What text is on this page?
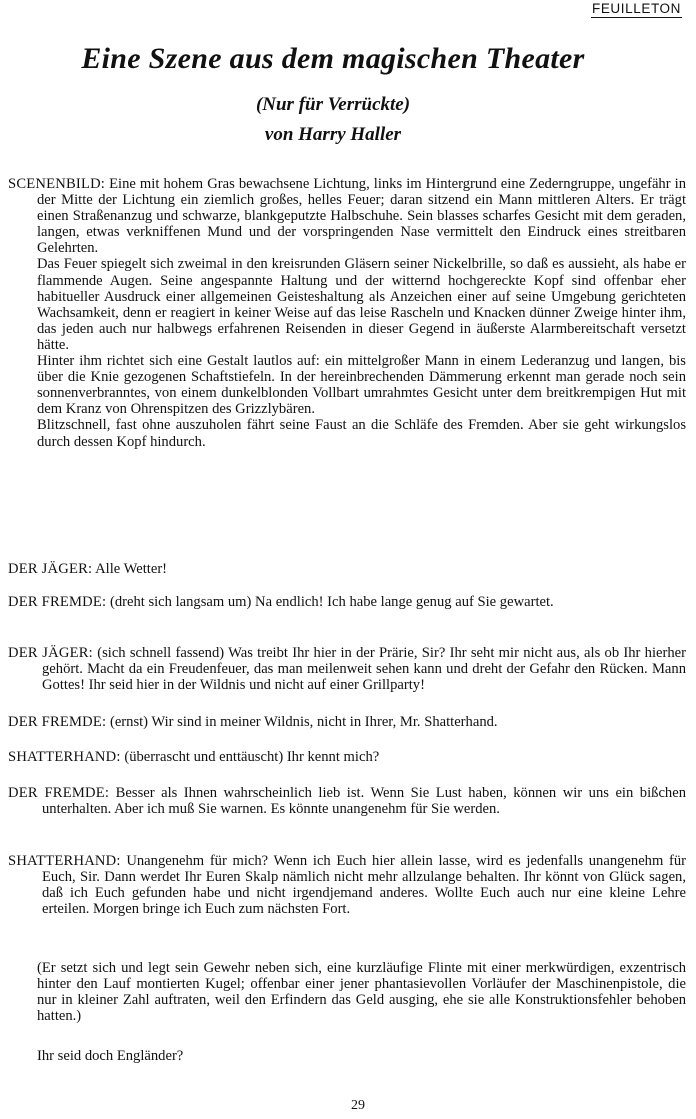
FEUILLETON
Eine Szene aus dem magischen Theater
(Nur für Verrückte)
von Harry Haller

SCENENBILD: Eine mit hohem Gras bewachsene Lichtung, links im Hintergrund eine Zederngruppe, ungefähr in der Mitte der Lichtung ein ziemlich großes, helles Feuer; daran sitzend ein Mann mittleren Alters. Er trägt einen Straßenanzug und schwarze, blankgeputzte Halbschuhe. Sein blasses scharfes Gesicht mit dem geraden, langen, etwas verkniffenen Mund und der vorspringenden Nase vermittelt den Eindruck eines streitbaren Gelehrten.

Das Feuer spiegelt sich zweimal in den kreisrunden Gläsern seiner Nickelbrille, so daß es aussieht, als habe er flammende Augen. Seine angespannte Haltung und der witternd hochgereckte Kopf sind offenbar eher habitueller Ausdruck einer allgemeinen Geisteshaltung als Anzeichen einer auf seine Umgebung gerichteten Wachsamkeit, denn er reagiert in keiner Weise auf das leise Rascheln und Knacken dünner Zweige hinter ihm, das jeden auch nur halbwegs erfahrenen Reisenden in dieser Gegend in äußerste Alarmbereitschaft versetzt hätte.

Hinter ihm richtet sich eine Gestalt lautlos auf: ein mittelgroßer Mann in einem Lederanzug und langen, bis über die Knie gezogenen Schaftstiefeln. In der hereinbrechenden Dämmerung erkennt man gerade noch sein sonnenverbranntes, von einem dunkelblonden Vollbart umrahmtes Gesicht unter dem breitkrempigen Hut mit dem Kranz von Ohrenspitzen des Grizzlybären.

Blitzschnell, fast ohne auszuholen fährt seine Faust an die Schläfe des Fremden. Aber sie geht wirkungslos durch dessen Kopf hindurch.

DER JÄGER: Alle Wetter!

DER FREMDE: (dreht sich langsam um) Na endlich! Ich habe lange genug auf Sie gewartet.

DER JÄGER: (sich schnell fassend) Was treibt Ihr hier in der Prärie, Sir? Ihr seht mir nicht aus, als ob Ihr hierher gehört. Macht da ein Freudenfeuer, das man meilenweit sehen kann und dreht der Gefahr den Rücken. Mann Gottes! Ihr seid hier in der Wildnis und nicht auf einer Grillparty!

DER FREMDE: (ernst) Wir sind in meiner Wildnis, nicht in Ihrer, Mr. Shatterhand.

SHATTERHAND: (überrascht und enttäuscht) Ihr kennt mich?

DER FREMDE: Besser als Ihnen wahrscheinlich lieb ist. Wenn Sie Lust haben, können wir uns ein bißchen unterhalten. Aber ich muß Sie warnen. Es könnte unangenehm für Sie werden.

SHATTERHAND: Unangenehm für mich? Wenn ich Euch hier allein lasse, wird es jedenfalls unangenehm für Euch, Sir. Dann werdet Ihr Euren Skalp nämlich nicht mehr allzulange behalten. Ihr könnt von Glück sagen, daß ich Euch gefunden habe und nicht irgendjemand anderes. Wollte Euch auch nur eine kleine Lehre erteilen. Morgen bringe ich Euch zum nächsten Fort.

(Er setzt sich und legt sein Gewehr neben sich, eine kurzläufige Flinte mit einer merkwürdigen, exzentrisch hinter den Lauf montierten Kugel; offenbar einer jener phantasievollen Vorläufer der Maschinenpistole, die nur in kleiner Zahl auftraten, weil den Erfindern das Geld ausging, ehe sie alle Konstruktionsfehler behoben hatten.)

Ihr seid doch Engländer?

29
